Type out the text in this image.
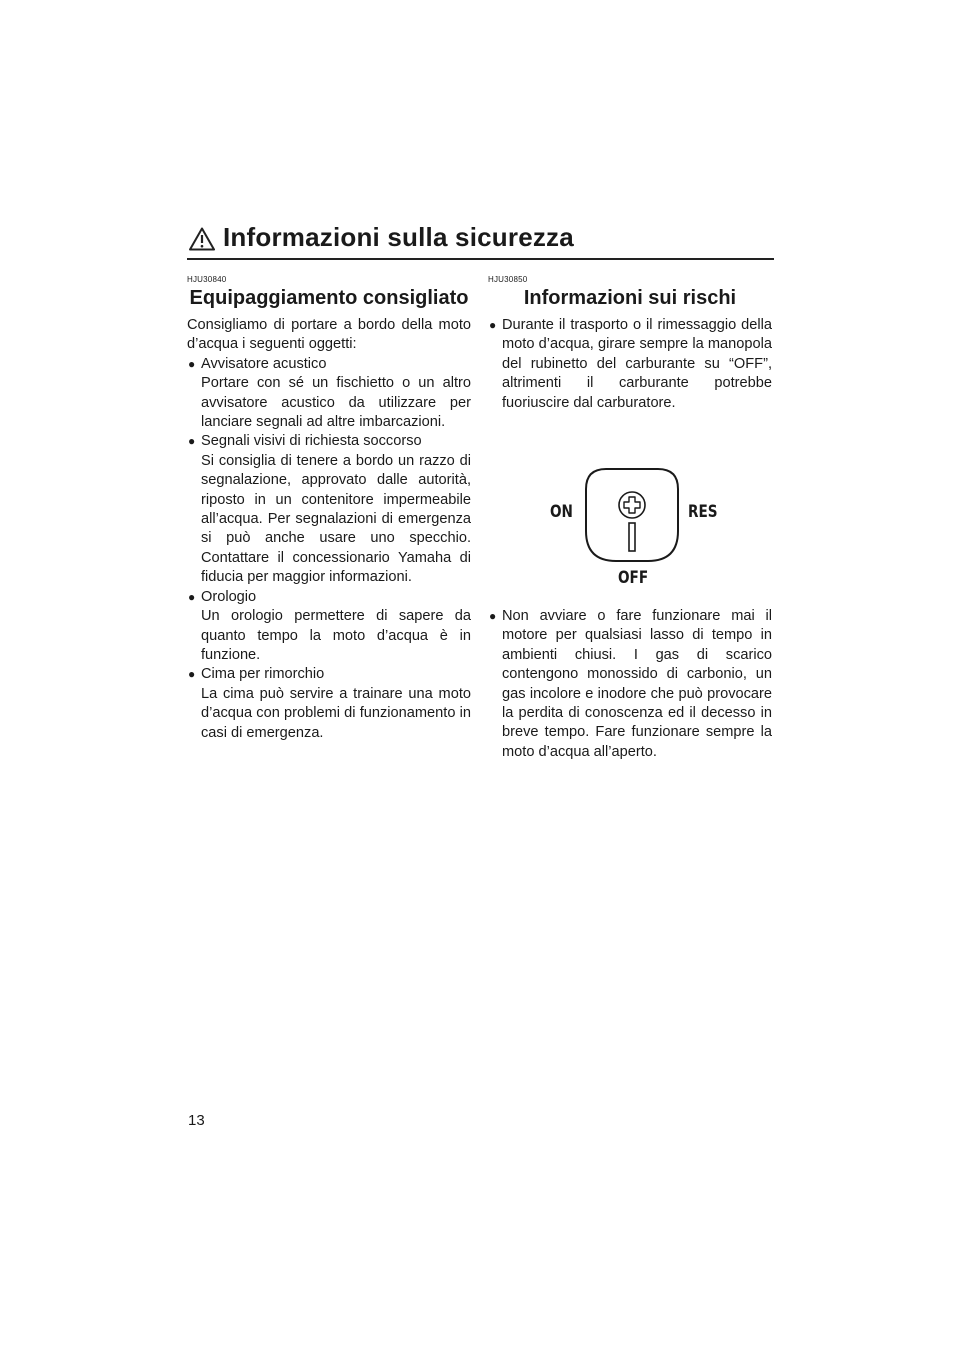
Informazioni sulla sicurezza
HJU30840
Equipaggiamento consigliato

Consigliamo di portare a bordo della moto d’acqua i seguenti oggetti:

● Avvisatore acustico

Portare con sé un fischietto o un altro avvisatore acustico da utilizzare per lanciare segnali ad altre imbarcazioni.

● Segnali visivi di richiesta soccorso

Si consiglia di tenere a bordo un razzo di segnalazione, approvato dalle autorità, riposto in un contenitore impermeabile all’acqua. Per segnalazioni di emergenza si può anche usare uno specchio. Contattare il concessionario Yamaha di fiducia per maggior informazioni.

● Orologio

Un orologio permettere di sapere da quanto tempo la moto d’acqua è in funzione.

● Cima per rimorchio

La cima può servire a trainare una moto d’acqua con problemi di funzionamento in casi di emergenza.

HJU30850
Informazioni sui rischi
● Durante il trasporto o il rimessaggio della moto d’acqua, girare sempre la manopola del rubinetto del carburante su “OFF”, altrimenti il carburante potrebbe fuoriuscire dal carburatore.

ON	RES
OFF
● Non avviare o fare funzionare mai il motore per qualsiasi lasso di tempo in ambienti chiusi. I gas di scarico contengono monossido di carbonio, un gas incolore e inodore che può provocare la perdita di conoscenza ed il decesso in breve tempo. Fare funzionare sempre la moto d’acqua all’aperto.

13
